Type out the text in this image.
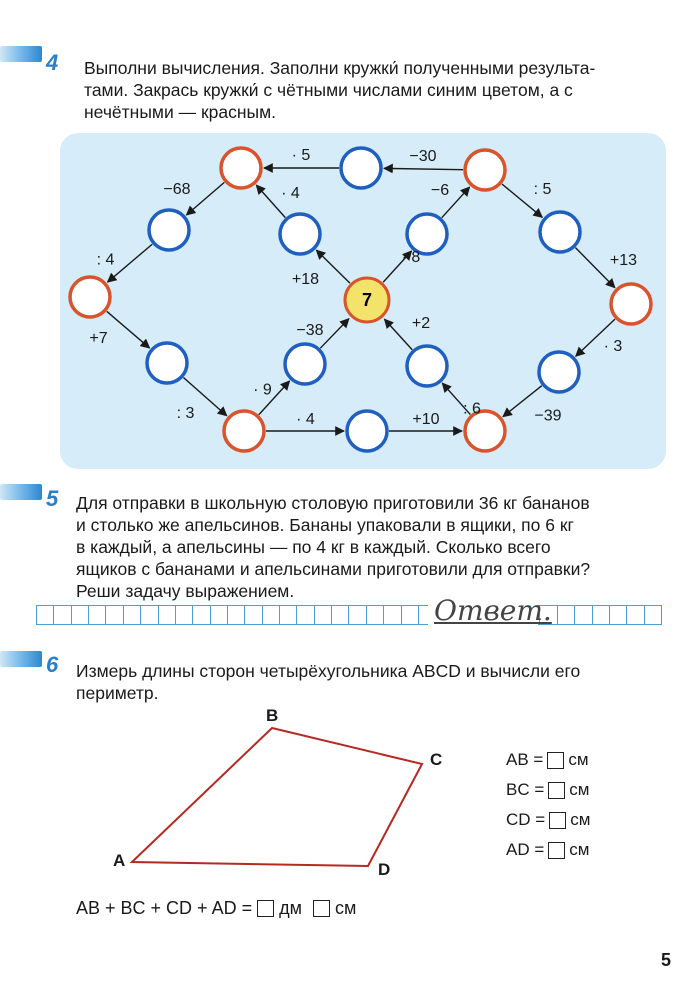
4 Выполни вычисления. Заполни кружки́ полученными результа-
тами. Закрась кружки́ с чётными числами синим цветом, а с
нечётными — красным.
7
−30
· 5
−68
: 4
+7
: 3
· 9
−38
· 4	+10
: 6
+2
+18
· 4
· 8
−6	: 5
+13
· 3
−39
5 Для отправки в школьную столовую приготовили 36 кг бананов
и столько же апельсинов. Бананы упаковали в ящики, по 6 кг
в каждый, а апельсины — по 4 кг в каждый. Сколько всего
ящиков с бананами и апельсинами приготовили для отправки?
Реши задачу выражением.
Ответ.
6 Измерь длины сторон четырёхугольника ABCD и вычисли его
периметр.
A
B
C
D
AB = см
BC = см
CD = см
AD = см
AB + BC + CD + AD = дм см
5
